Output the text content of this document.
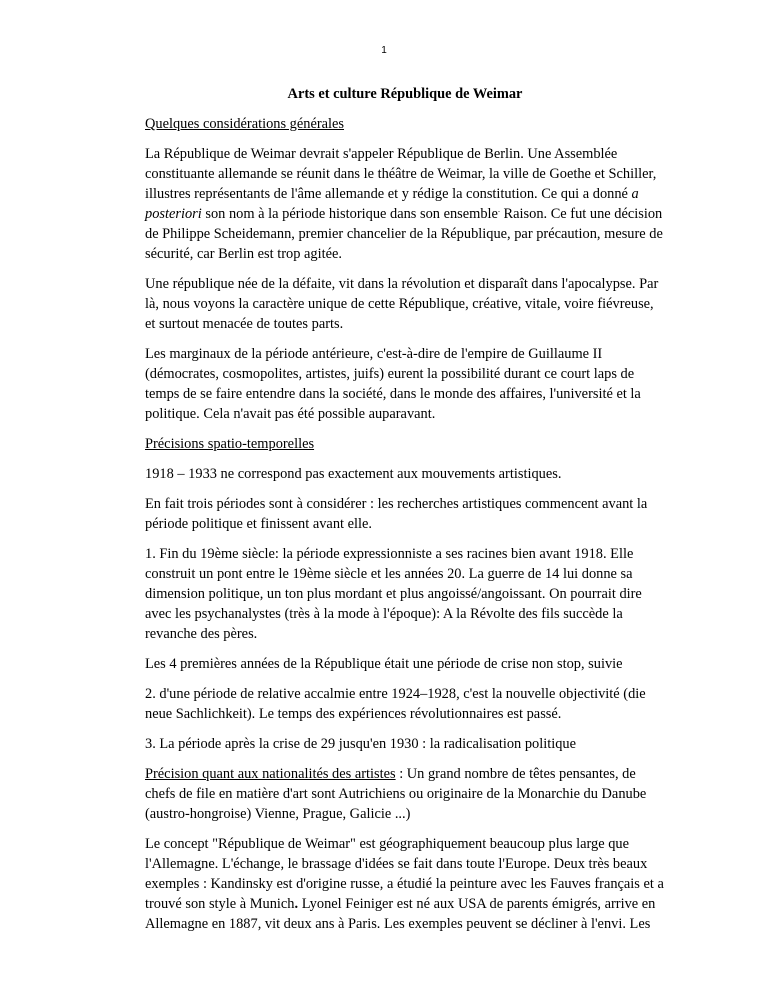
1
Arts et culture République de Weimar
Quelques considérations générales

La République de Weimar devrait s'appeler République de Berlin. Une Assemblée constituante allemande se réunit dans le théâtre de Weimar, la ville de Goethe et Schiller, illustres représentants de l'âme allemande et y rédige la constitution. Ce qui a donné a posteriori son nom à la période historique dans son ensemble. Raison. Ce fut une décision de Philippe Scheidemann, premier chancelier de la République, par précaution, mesure de sécurité, car Berlin est trop agitée.

Une république née de la défaite, vit dans la révolution et disparaît dans l'apocalypse. Par là, nous voyons la caractère unique de cette République, créative, vitale, voire fiévreuse, et surtout menacée de toutes parts.

Les marginaux de la période antérieure, c'est-à-dire de l'empire de Guillaume II (démocrates, cosmopolites, artistes, juifs) eurent la possibilité durant ce court laps de temps de se faire entendre dans la société, dans le monde des affaires, l'université et la politique. Cela n'avait pas été possible auparavant.

Précisions spatio-temporelles

1918 – 1933 ne correspond pas exactement aux mouvements artistiques.

En fait trois périodes sont à considérer : les recherches artistiques commencent avant la période politique et finissent avant elle.

1. Fin du 19ème siècle: la période expressionniste a ses racines bien avant 1918. Elle construit un pont entre le 19ème siècle et les années 20. La guerre de 14 lui donne sa dimension politique, un ton plus mordant et plus angoissé/angoissant. On pourrait dire avec les psychanalystes (très à la mode à l'époque): A la Révolte des fils succède la revanche des pères.

Les 4 premières années de la République était une période de crise non stop, suivie

2. d'une période de relative accalmie entre 1924–1928, c'est la nouvelle objectivité (die neue Sachlichkeit). Le temps des expériences révolutionnaires est passé.

3. La période après la crise de 29 jusqu'en 1930 : la radicalisation politique

Précision quant aux nationalités des artistes : Un grand nombre de têtes pensantes, de chefs de file en matière d'art sont Autrichiens ou originaire de la Monarchie du Danube (austro-hongroise) Vienne, Prague, Galicie ...)

Le concept "République de Weimar" est géographiquement beaucoup plus large que l'Allemagne. L'échange, le brassage d'idées se fait dans toute l'Europe. Deux très beaux exemples : Kandinsky est d'origine russe, a étudié la peinture avec les Fauves français et a trouvé son style à Munich. Lyonel Feiniger est né aux USA de parents émigrés, arrive en Allemagne en 1887, vit deux ans à Paris. Les exemples peuvent se décliner à l'envi. Les
